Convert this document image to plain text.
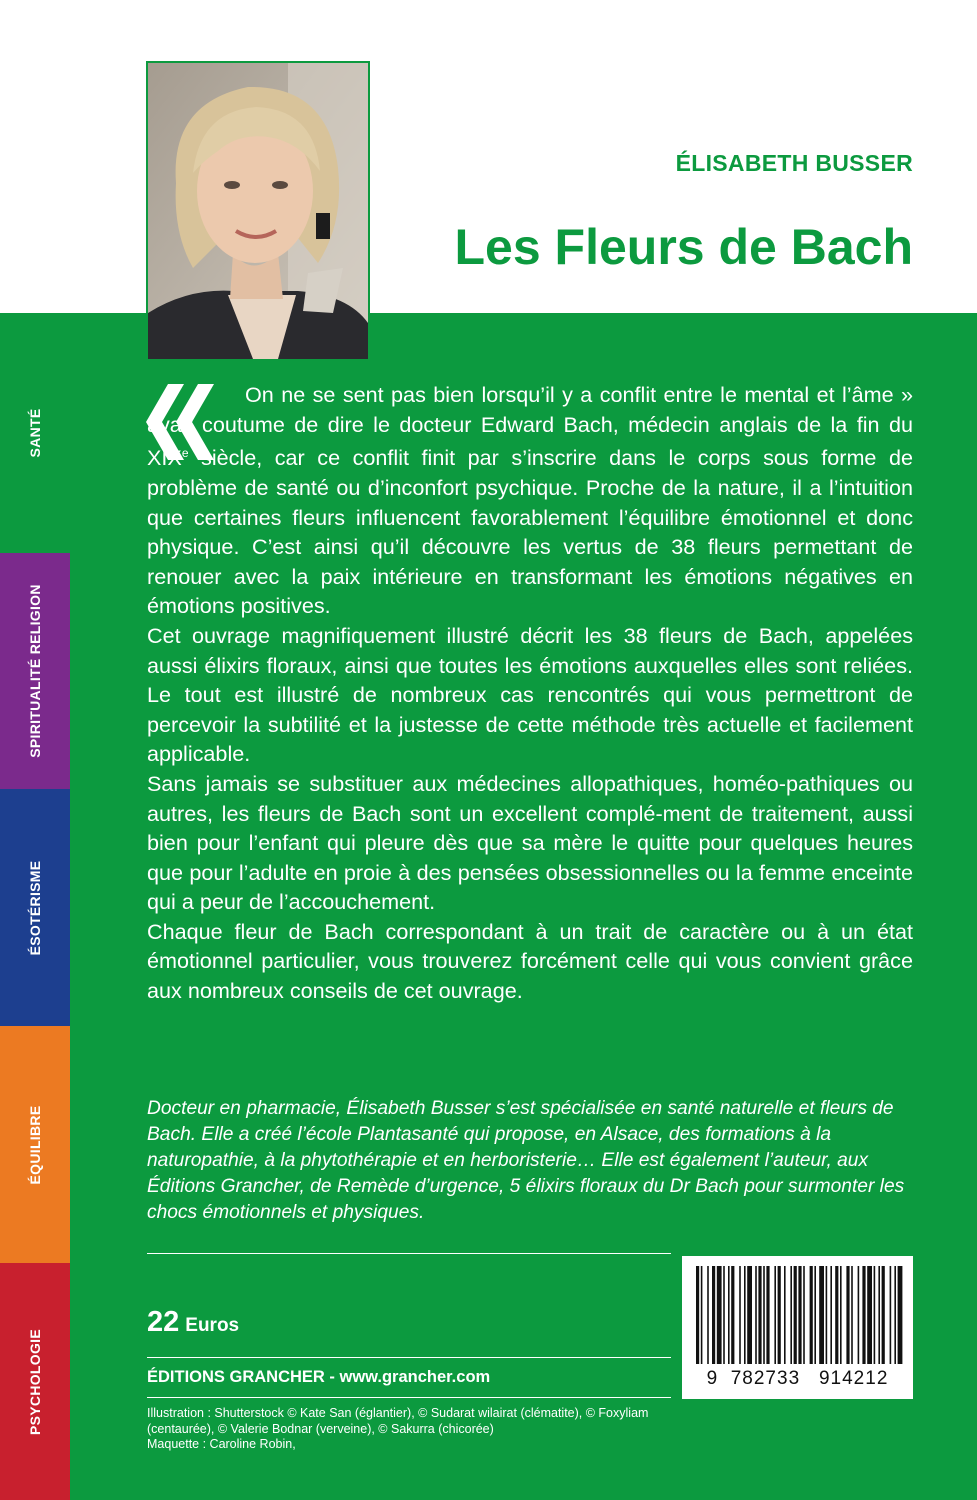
SANTÉ
SPIRITUALITÉ RELIGION
ÉSOTÉRISME
ÉQUILIBRE
PSYCHOLOGIE
ÉLISABETH BUSSER
Les Fleurs de Bach

On ne se sent pas bien lorsqu’il y a conflit entre le mental et l’âme » avait coutume de dire le docteur Edward Bach, médecin anglais de la fin du XIXe siècle, car ce conflit finit par s’inscrire dans le corps sous forme de problème de santé ou d’inconfort psychique. Proche de la nature, il a l’intuition que certaines fleurs influencent favorablement l’équilibre émotionnel et donc physique. C’est ainsi qu’il découvre les vertus de 38 fleurs permettant de renouer avec la paix intérieure en transformant les émotions négatives en émotions positives.

Cet ouvrage magnifiquement illustré décrit les 38 fleurs de Bach, appelées aussi élixirs floraux, ainsi que toutes les émotions auxquelles elles sont reliées. Le tout est illustré de nombreux cas rencontrés qui vous permettront de percevoir la subtilité et la justesse de cette méthode très actuelle et facilement applicable.

Sans jamais se substituer aux médecines allopathiques, homéo-pathiques ou autres, les fleurs de Bach sont un excellent complé-ment de traitement, aussi bien pour l’enfant qui pleure dès que sa mère le quitte pour quelques heures que pour l’adulte en proie à des pensées obsessionnelles ou la femme enceinte qui a peur de l’accouchement.

Chaque fleur de Bach correspondant à un trait de caractère ou à un état émotionnel particulier, vous trouverez forcément celle qui vous convient grâce aux nombreux conseils de cet ouvrage.

Docteur en pharmacie, Élisabeth Busser s’est spécialisée en santé naturelle et fleurs de Bach. Elle a créé l’école Plantasanté qui propose, en Alsace, des formations à la naturopathie, à la phytothérapie et en herboristerie… Elle est également l’auteur, aux Éditions Grancher, de Remède d’urgence, 5 élixirs floraux du Dr Bach pour surmonter les chocs émotionnels et physiques.
22 Euros
ÉDITIONS GRANCHER - www.grancher.com
Illustration : Shutterstock © Kate San (églantier), © Sudarat wilairat (clématite), © Foxyliam (centaurée), © Valerie Bodnar (verveine), © Sakurra (chicorée)
Maquette : Caroline Robin,
9 782733 914212
